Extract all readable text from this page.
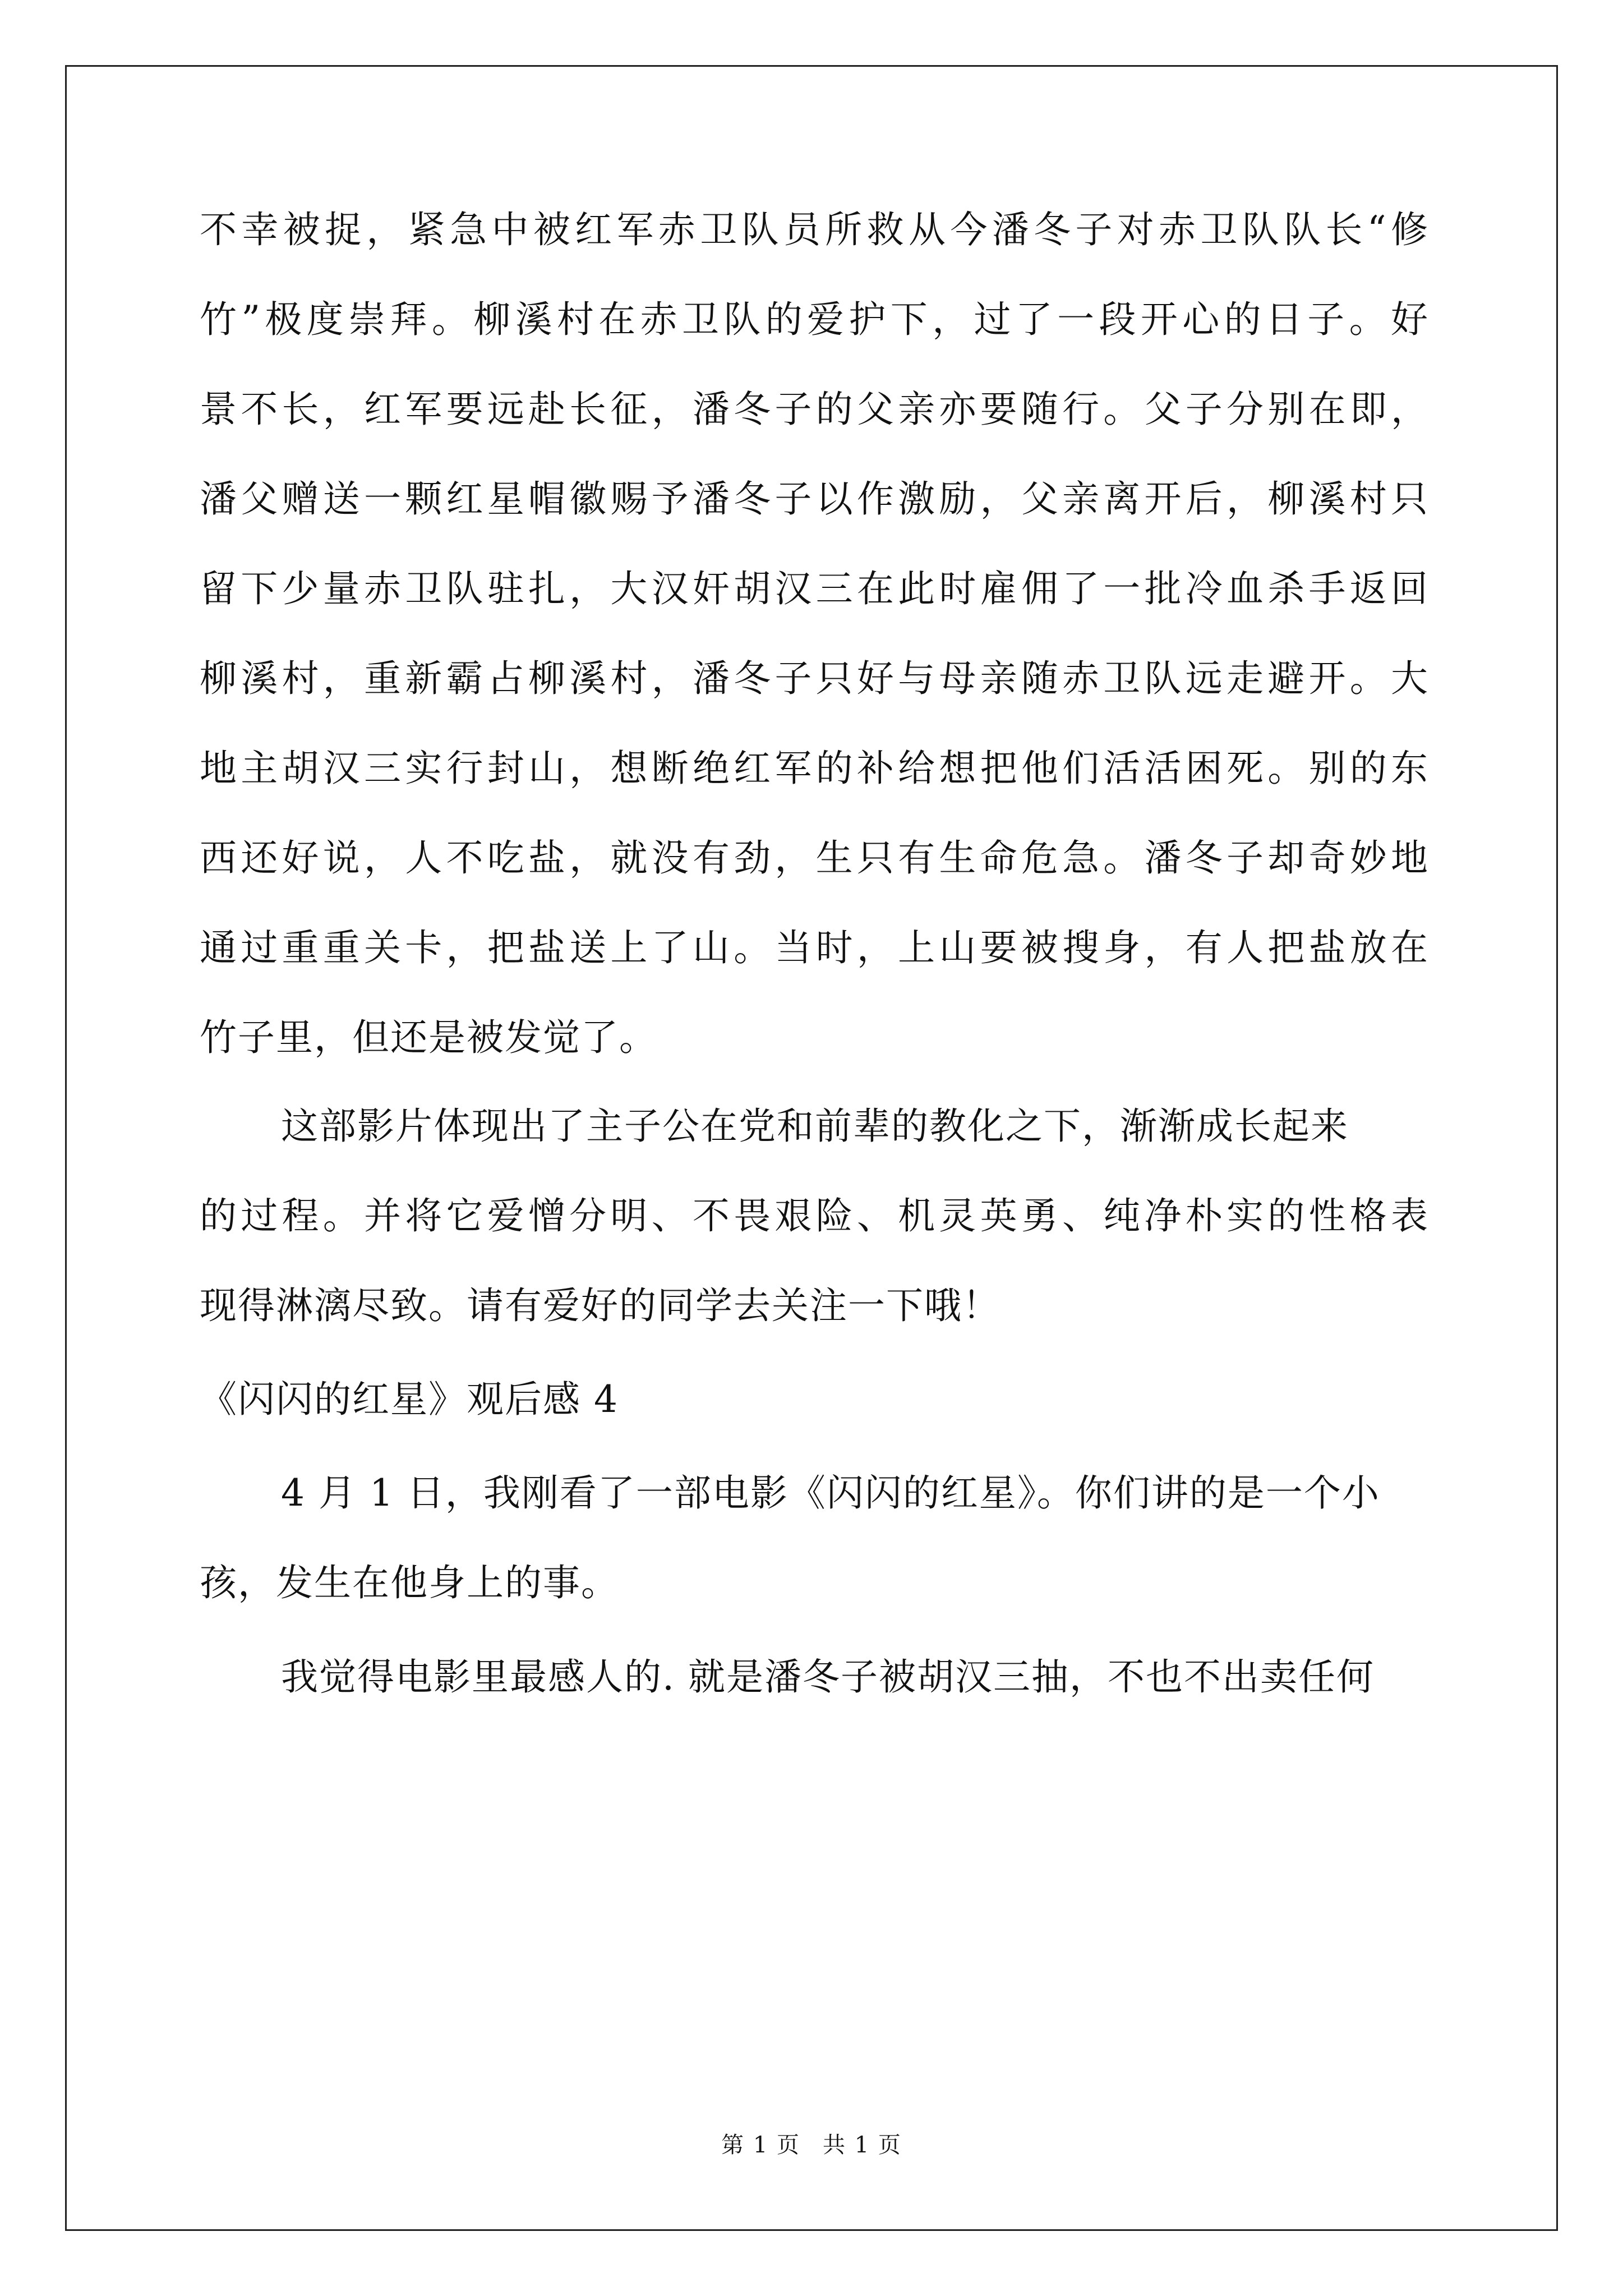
不幸被捉，紧急中被红军赤卫队员所救从今潘冬子对赤卫队队长“修
竹”极度崇拜。柳溪村在赤卫队的爱护下，过了一段开心的日子。好
景不长，红军要远赴长征，潘冬子的父亲亦要随行。父子分别在即，
潘父赠送一颗红星帽徽赐予潘冬子以作激励，父亲离开后，柳溪村只
留下少量赤卫队驻扎，大汉奸胡汉三在此时雇佣了一批冷血杀手返回
柳溪村，重新霸占柳溪村，潘冬子只好与母亲随赤卫队远走避开。大
地主胡汉三实行封山，想断绝红军的补给想把他们活活困死。别的东
西还好说，人不吃盐，就没有劲，生只有生命危急。潘冬子却奇妙地
通过重重关卡，把盐送上了山。当时，上山要被搜身，有人把盐放在
竹子里，但还是被发觉了。
这部影片体现出了主子公在党和前辈的教化之下，渐渐成长起来
的过程。并将它爱憎分明、不畏艰险、机灵英勇、纯净朴实的性格表
现得淋漓尽致。请有爱好的同学去关注一下哦！
《闪闪的红星》观后感 4
4 月 1 日，我刚看了一部电影《闪闪的红星》。你们讲的是一个小
孩，发生在他身上的事。
我觉得电影里最感人的. 就是潘冬子被胡汉三抽，不也不出卖任何
第 1 页 共 1 页
